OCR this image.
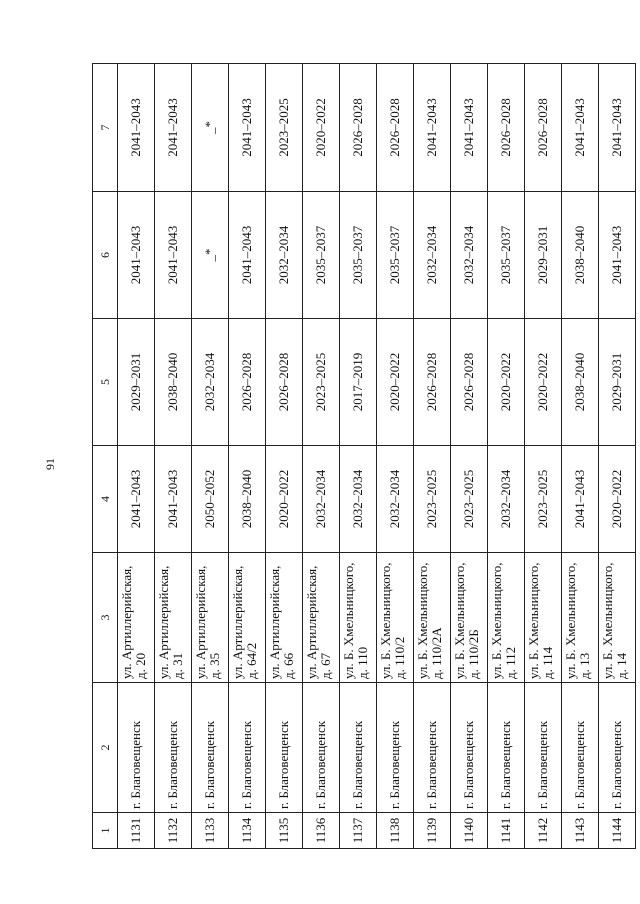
91
1	2	3	4	5	6	7
1131	г. Благовещенск	ул. Артиллерийская, д. 20	2041–2043	2029–2031	2041–2043	2041–2043
1132	г. Благовещенск	ул. Артиллерийская, д. 31	2041–2043	2038–2040	2041–2043	2041–2043
1133	г. Благовещенск	ул. Артиллерийская, д. 35	2050–2052	2032–2034	_*	_*
1134	г. Благовещенск	ул. Артиллерийская, д. 64/2	2038–2040	2026–2028	2041–2043	2041–2043
1135	г. Благовещенск	ул. Артиллерийская, д. 66	2020–2022	2026–2028	2032–2034	2023–2025
1136	г. Благовещенск	ул. Артиллерийская, д. 67	2032–2034	2023–2025	2035–2037	2020–2022
1137	г. Благовещенск	ул. Б. Хмельницкого, д. 110	2032–2034	2017–2019	2035–2037	2026–2028
1138	г. Благовещенск	ул. Б. Хмельницкого, д. 110/2	2032–2034	2020–2022	2035–2037	2026–2028
1139	г. Благовещенск	ул. Б. Хмельницкого, д. 110/2А	2023–2025	2026–2028	2032–2034	2041–2043
1140	г. Благовещенск	ул. Б. Хмельницкого, д. 110/2Б	2023–2025	2026–2028	2032–2034	2041–2043
1141	г. Благовещенск	ул. Б. Хмельницкого, д. 112	2032–2034	2020–2022	2035–2037	2026–2028
1142	г. Благовещенск	ул. Б. Хмельницкого, д. 114	2023–2025	2020–2022	2029–2031	2026–2028
1143	г. Благовещенск	ул. Б. Хмельницкого, д. 13	2041–2043	2038–2040	2038–2040	2041–2043
1144	г. Благовещенск	ул. Б. Хмельницкого, д. 14	2020–2022	2029–2031	2041–2043	2041–2043
